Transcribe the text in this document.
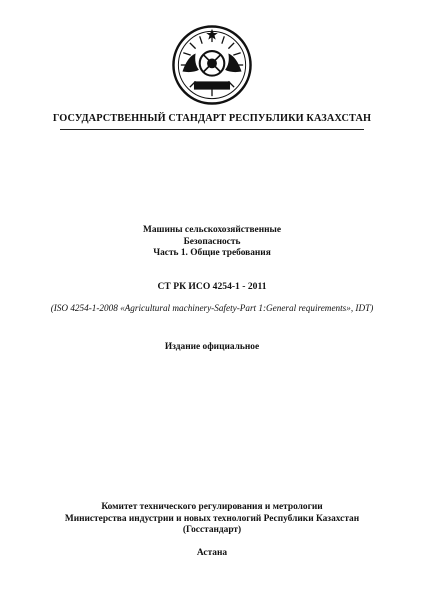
ГОСУДАРСТВЕННЫЙ СТАНДАРТ РЕСПУБЛИКИ КАЗАХСТАН
Машины сельскохозяйственные
Безопасность
Часть 1. Общие требования
СТ РК ИСО 4254-1 - 2011
(ISO 4254-1-2008 «Agricultural machinery-Safety-Part 1:General requirements», IDT)
Издание официальное
Комитет технического регулирования и метрологии
Министерства индустрии и новых технологий Республики Казахстан
(Госстандарт)
Астана
